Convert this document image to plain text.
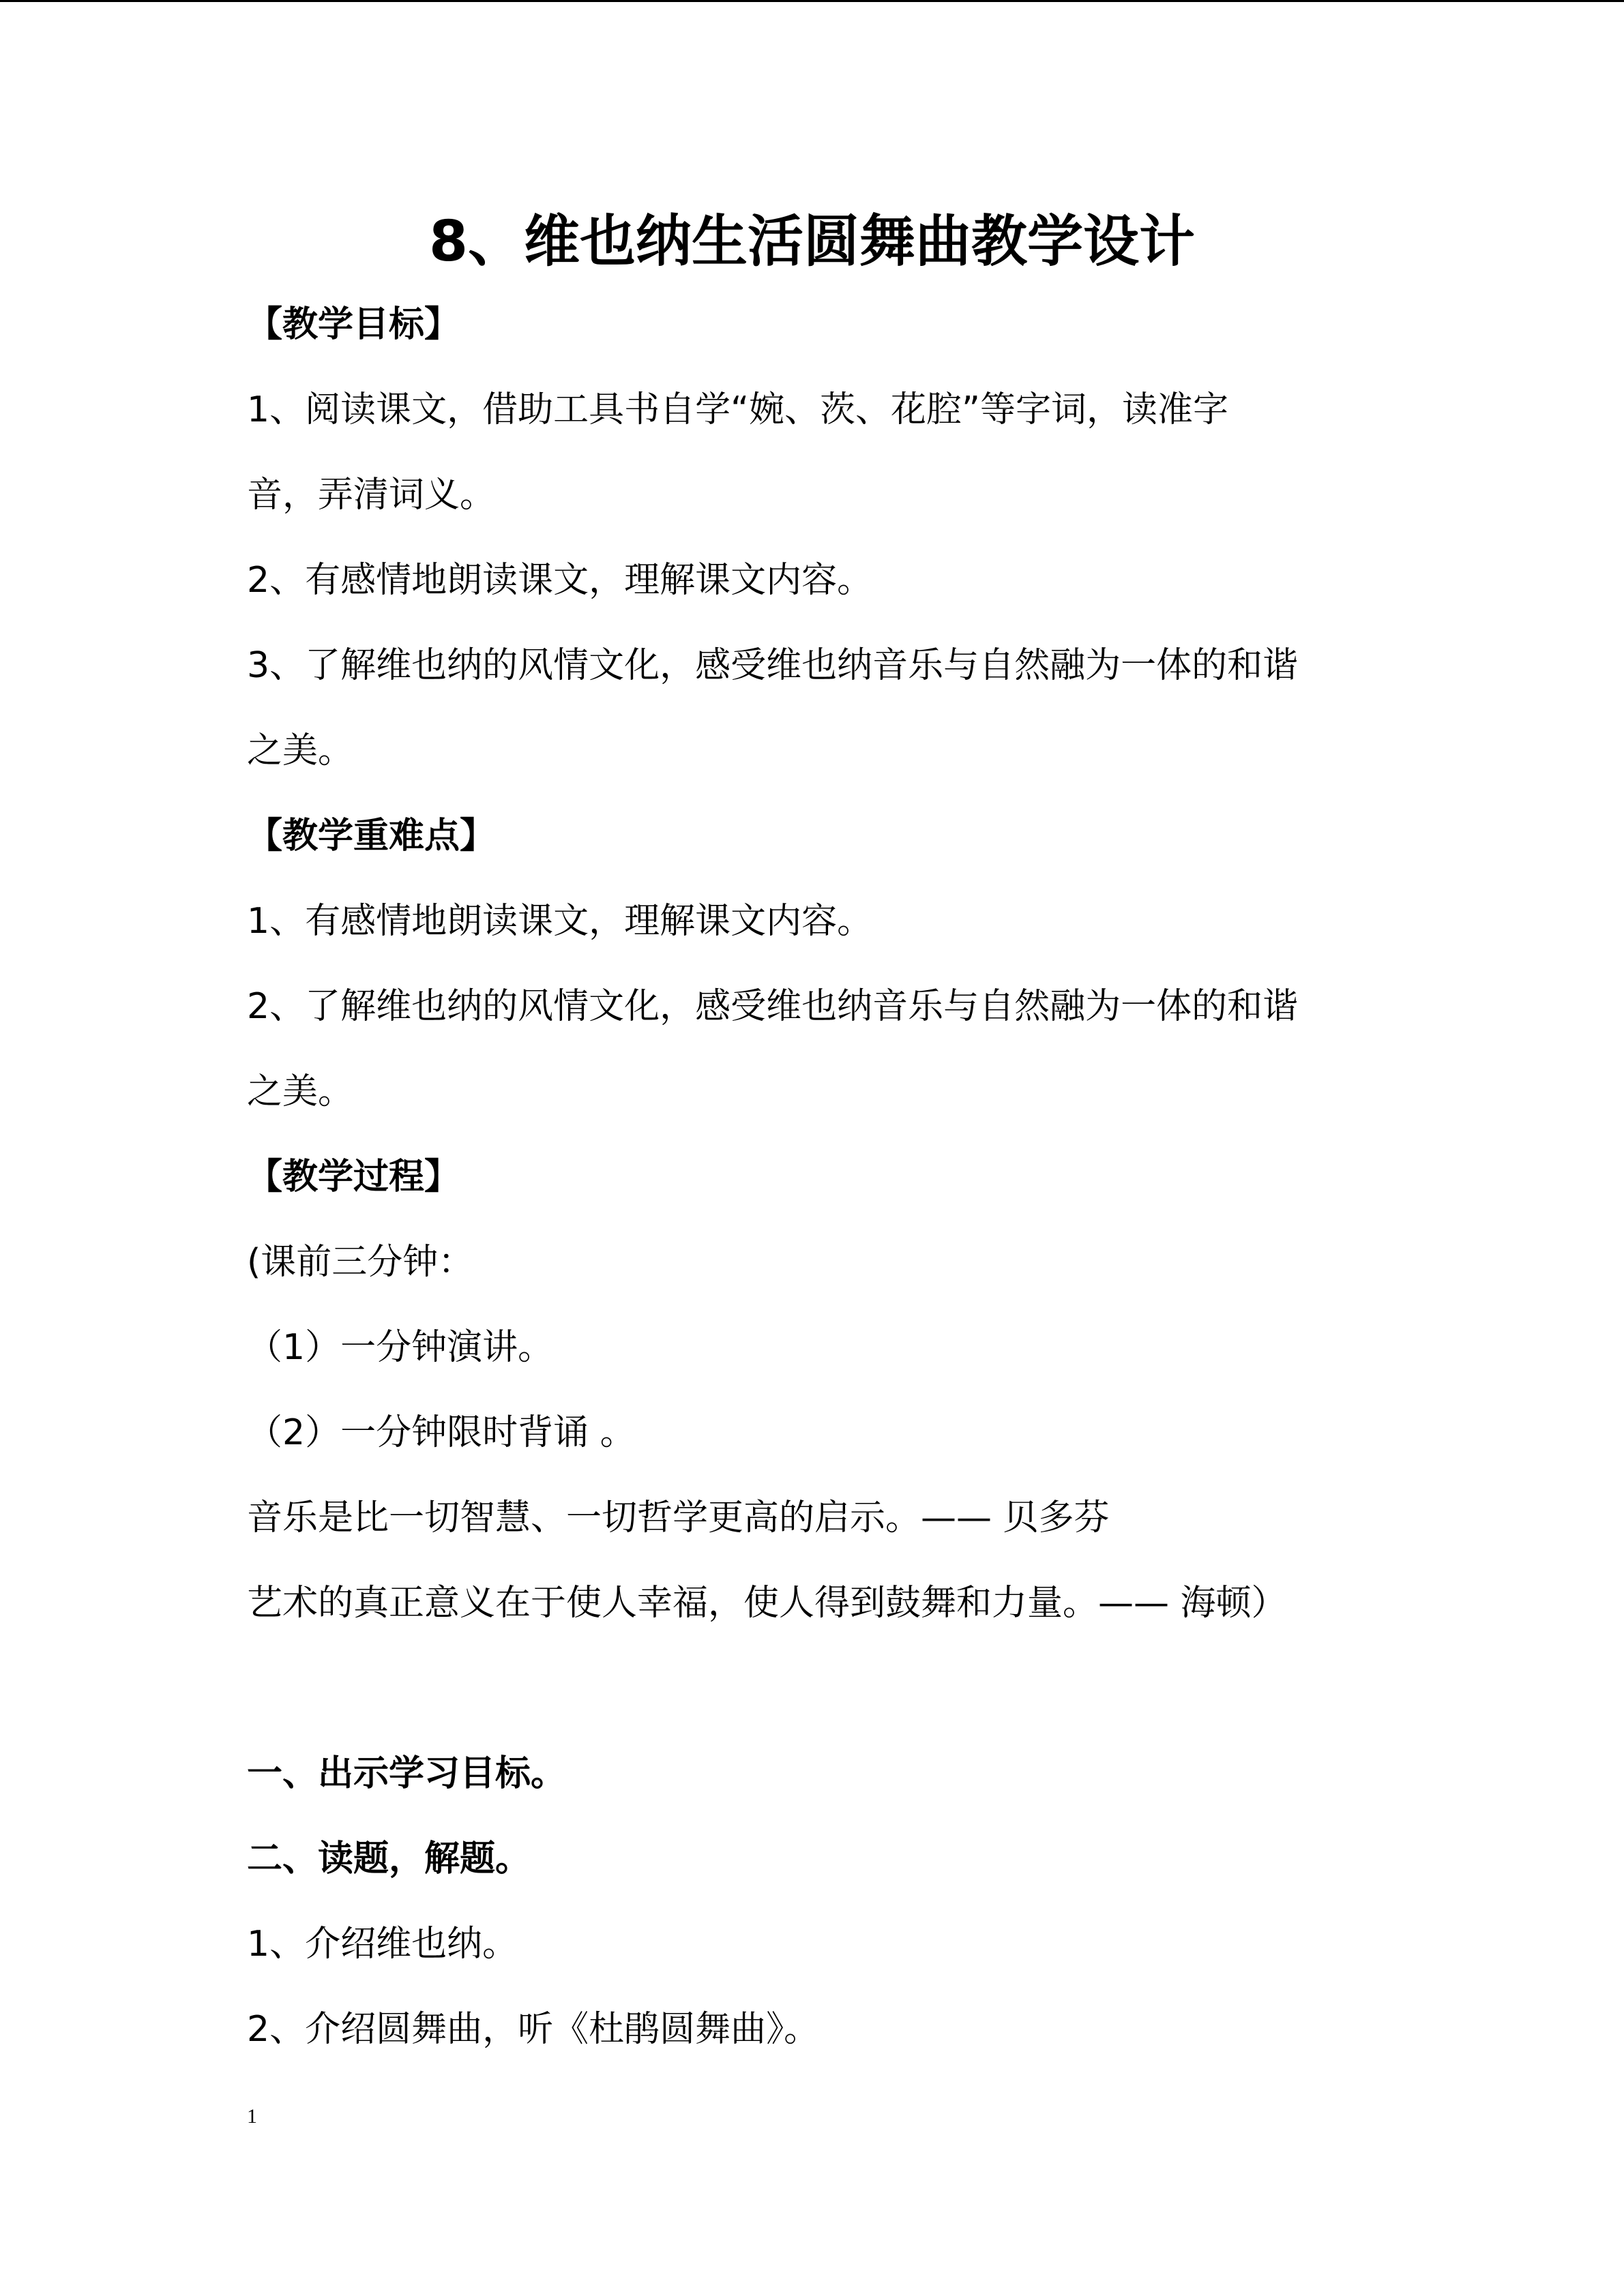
8、维也纳生活圆舞曲教学设计
【教学目标】
1、阅读课文，借助工具书自学“婉、茨、花腔”等字词，读准字
音，弄清词义。
2、有感情地朗读课文，理解课文内容。
3、了解维也纳的风情文化，感受维也纳音乐与自然融为一体的和谐
之美。
【教学重难点】
1、有感情地朗读课文，理解课文内容。
2、了解维也纳的风情文化，感受维也纳音乐与自然融为一体的和谐
之美。
【教学过程】
(课前三分钟：
（1）一分钟演讲。
（2）一分钟限时背诵 。
音乐是比一切智慧、一切哲学更高的启示。—— 贝多芬
艺术的真正意义在于使人幸福，使人得到鼓舞和力量。—— 海顿）
一、出示学习目标。
二、读题，解题。
1、介绍维也纳。
2、介绍圆舞曲，听《杜鹃圆舞曲》。
1
